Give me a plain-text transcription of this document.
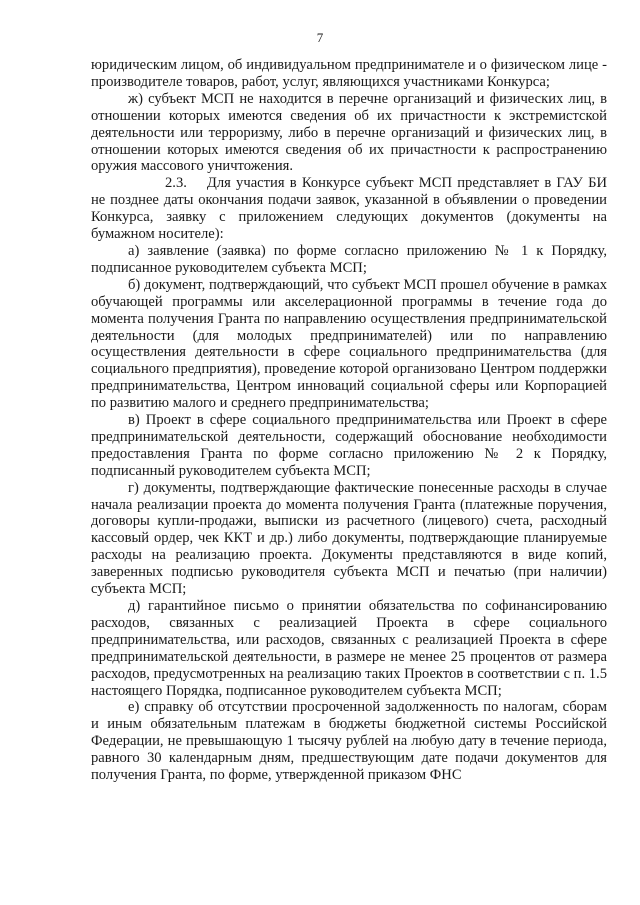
7

юридическим лицом, об индивидуальном предпринимателе и о физическом лице - производителе товаров, работ, услуг, являющихся участниками Конкурса;

ж) субъект МСП не находится в перечне организаций и физических лиц, в отношении которых имеются сведения об их причастности к экстремистской деятельности или терроризму, либо в перечне организаций и физических лиц, в отношении которых имеются сведения об их причастности к распространению оружия массового уничтожения.

2.3. Для участия в Конкурсе субъект МСП представляет в ГАУ БИ не позднее даты окончания подачи заявок, указанной в объявлении о проведении Конкурса, заявку с приложением следующих документов (документы на бумажном носителе):

а) заявление (заявка) по форме согласно приложению № 1 к Порядку, подписанное руководителем субъекта МСП;

б) документ, подтверждающий, что субъект МСП прошел обучение в рамках обучающей программы или акселерационной программы в течение года до момента получения Гранта по направлению осуществления предпринимательской деятельности (для молодых предпринимателей) или по направлению осуществления деятельности в сфере социального предпринимательства (для социального предприятия), проведение которой организовано Центром поддержки предпринимательства, Центром инноваций социальной сферы или Корпорацией по развитию малого и среднего предпринимательства;

в) Проект в сфере социального предпринимательства или Проект в сфере предпринимательской деятельности, содержащий обоснование необходимости предоставления Гранта по форме согласно приложению № 2 к Порядку, подписанный руководителем субъекта МСП;

г) документы, подтверждающие фактические понесенные расходы в случае начала реализации проекта до момента получения Гранта (платежные поручения, договоры купли-продажи, выписки из расчетного (лицевого) счета, расходный кассовый ордер, чек ККТ и др.) либо документы, подтверждающие планируемые расходы на реализацию проекта. Документы представляются в виде копий, заверенных подписью руководителя субъекта МСП и печатью (при наличии) субъекта МСП;

д) гарантийное письмо о принятии обязательства по софинансированию расходов, связанных с реализацией Проекта в сфере социального предпринимательства, или расходов, связанных с реализацией Проекта в сфере предпринимательской деятельности, в размере не менее 25 процентов от размера расходов, предусмотренных на реализацию таких Проектов в соответствии с п. 1.5 настоящего Порядка, подписанное руководителем субъекта МСП;

е) справку об отсутствии просроченной задолженность по налогам, сборам и иным обязательным платежам в бюджеты бюджетной системы Российской Федерации, не превышающую 1 тысячу рублей на любую дату в течение периода, равного 30 календарным дням, предшествующим дате подачи документов для получения Гранта, по форме, утвержденной приказом ФНС
